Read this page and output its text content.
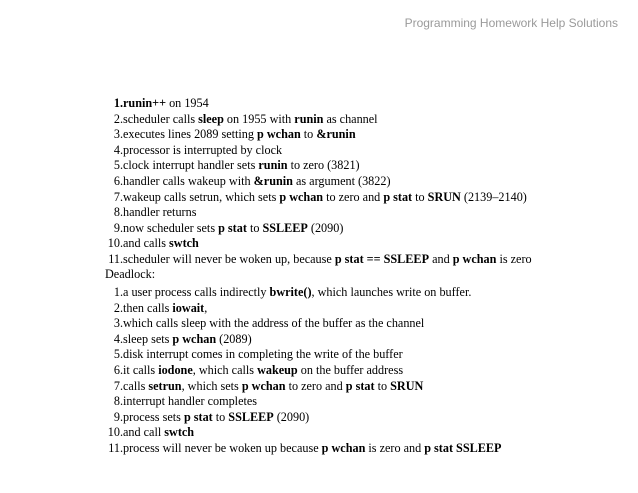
Programming Homework Help Solutions
1. runin++ on 1954
2. scheduler calls sleep on 1955 with runin as channel
3. executes lines 2089 setting p wchan to &runin
4. processor is interrupted by clock
5. clock interrupt handler sets runin to zero (3821)
6. handler calls wakeup with &runin as argument (3822)
7. wakeup calls setrun, which sets p wchan to zero and p stat to SRUN (2139–2140)
8. handler returns
9. now scheduler sets p stat to SSLEEP (2090)
10. and calls swtch
11. scheduler will never be woken up, because p stat == SSLEEP and p wchan is zero
Deadlock:
1. a user process calls indirectly bwrite(), which launches write on buffer.
2. then calls iowait,
3. which calls sleep with the address of the buffer as the channel
4. sleep sets p wchan (2089)
5. disk interrupt comes in completing the write of the buffer
6. it calls iodone, which calls wakeup on the buffer address
7. calls setrun, which sets p wchan to zero and p stat to SRUN
8. interrupt handler completes
9. process sets p stat to SSLEEP (2090)
10. and call swtch
11. process will never be woken up because p wchan is zero and p stat SSLEEP
